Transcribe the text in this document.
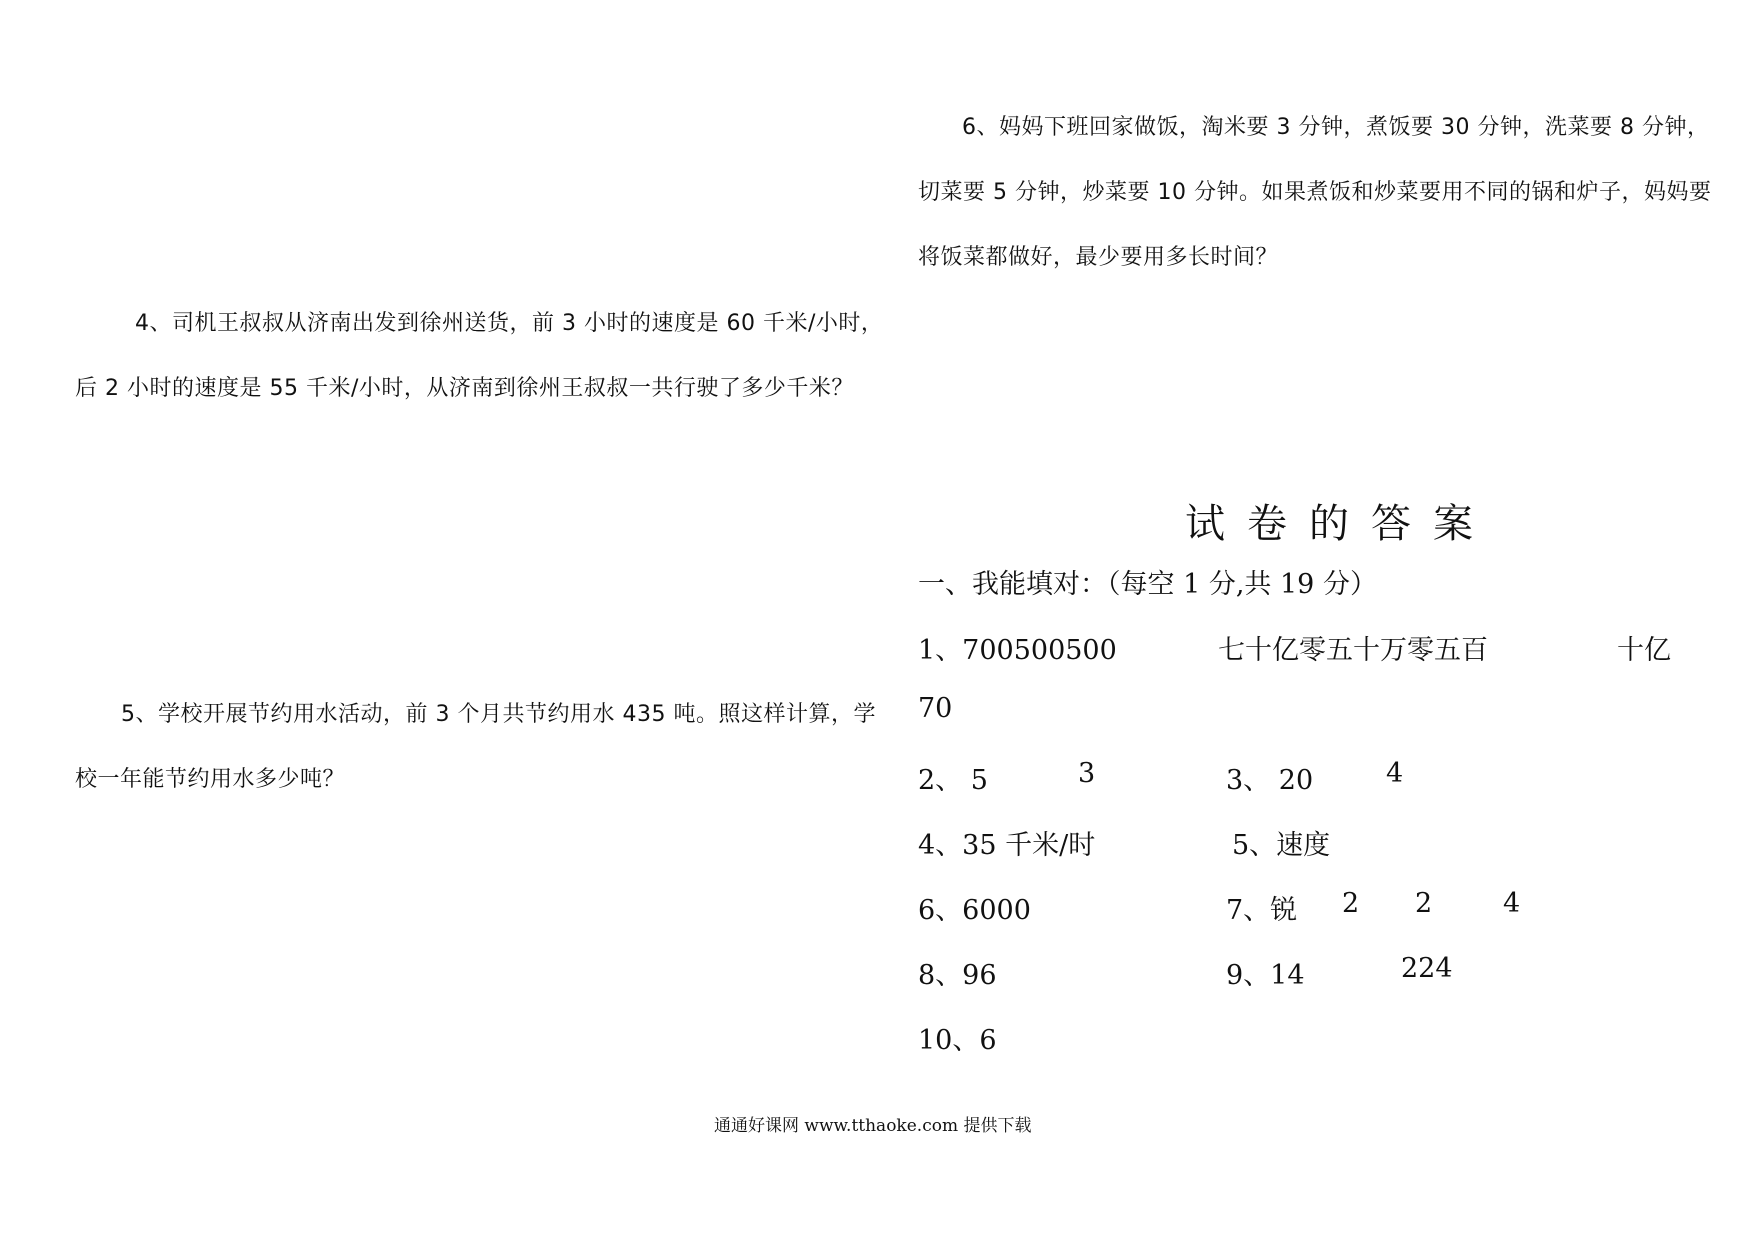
6、妈妈下班回家做饭，淘米要 3 分钟，煮饭要 30 分钟，洗菜要 8 分钟，
切菜要 5 分钟，炒菜要 10 分钟。如果煮饭和炒菜要用不同的锅和炉子，妈妈要
将饭菜都做好，最少要用多长时间？
4、司机王叔叔从济南出发到徐州送货，前 3 小时的速度是 60 千米/小时，
后 2 小时的速度是 55 千米/小时，从济南到徐州王叔叔一共行驶了多少千米？
5、学校开展节约用水活动，前 3 个月共节约用水 435 吨。照这样计算，学
校一年能节约用水多少吨？
试卷的答案
一、我能填对：（每空 1 分,共 19 分）
1、700500500	七十亿零五十万零五百	十亿
70
2、 5	3	3、 20	4
4、35 千米/时	5、速度
6、6000	7、锐 2 2	4
8、96	9、14	224
10、6
通通好课网 www.tthaoke.com 提供下载
